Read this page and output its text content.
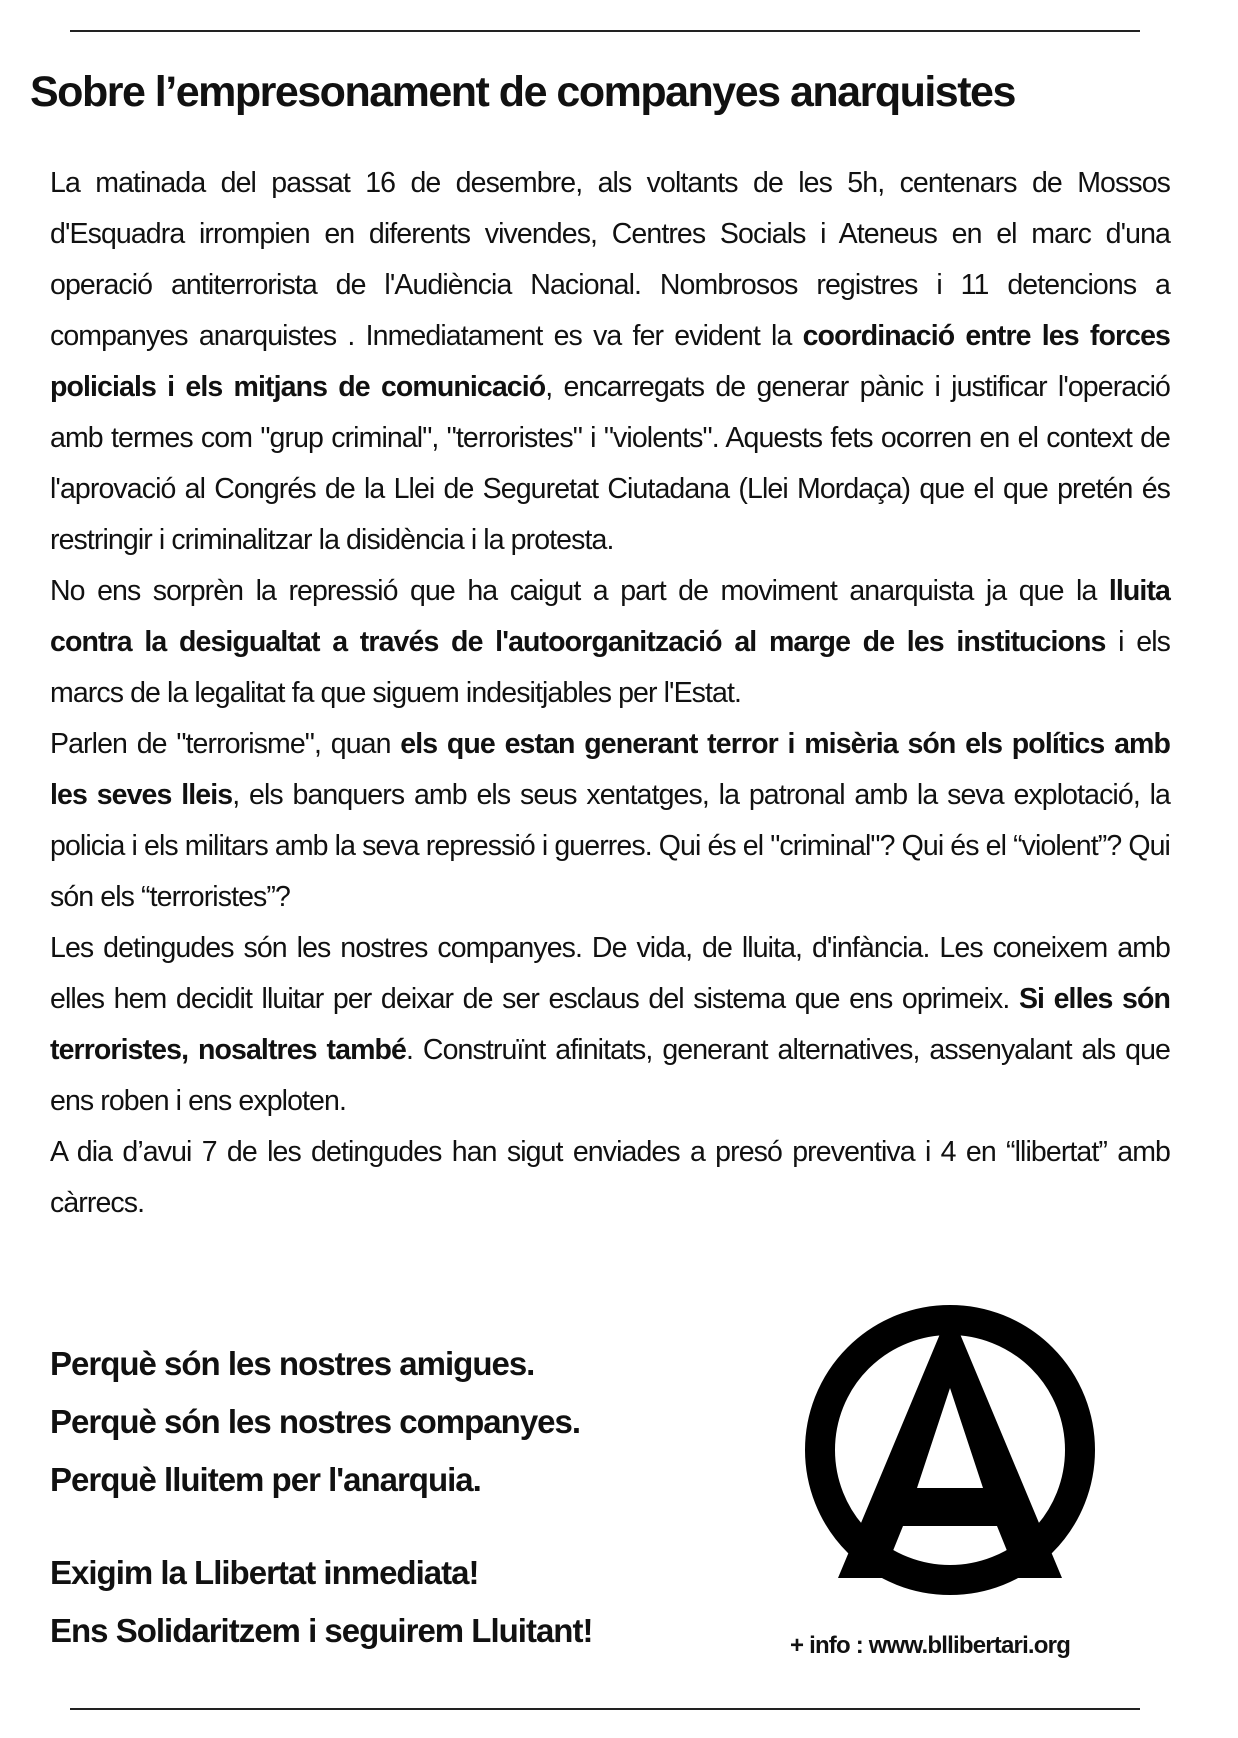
Sobre l’empresonament de companyes anarquistes

La matinada del passat 16 de desembre, als voltants de les 5h, centenars de Mossos d'Esquadra irrompien en diferents vivendes, Centres Socials i Ateneus en el marc d'una operació antiterrorista de l'Audiència Nacional. Nombrosos registres i 11 detencions a companyes anarquistes . Inmediatament es va fer evident la coordinació entre les forces policials i els mitjans de comunicació, encarregats de generar pànic i justificar l'operació amb termes com "grup criminal", "terroristes" i "violents". Aquests fets ocorren en el context de l'aprovació al Congrés de la Llei de Seguretat Ciutadana (Llei Mordaça) que el que pretén és restringir i criminalitzar la disidència i la protesta.

No ens sorprèn la repressió que ha caigut a part de moviment anarquista ja que la lluita contra la desigualtat a través de l'autoorganització al marge de les institucions i els marcs de la legalitat fa que siguem indesitjables per l'Estat.

Parlen de "terrorisme", quan els que estan generant terror i misèria són els polítics amb les seves lleis, els banquers amb els seus xentatges, la patronal amb la seva explotació, la policia i els militars amb la seva repressió i guerres. Qui és el "criminal"? Qui és el “violent”? Qui són els “terroristes”?

Les detingudes són les nostres companyes. De vida, de lluita, d'infància. Les coneixem amb elles hem decidit lluitar per deixar de ser esclaus del sistema que ens oprimeix. Si elles són terroristes, nosaltres també. Construïnt afinitats, generant alternatives, assenyalant als que ens roben i ens exploten.

A dia d’avui 7 de les detingudes han sigut enviades a presó preventiva i 4 en “llibertat” amb càrrecs.

Perquè són les nostres amigues.
Perquè són les nostres companyes.
Perquè lluitem per l'anarquia.
Exigim la Llibertat inmediata!
Ens Solidaritzem i seguirem Lluitant!	+ info : www.bllibertari.org
